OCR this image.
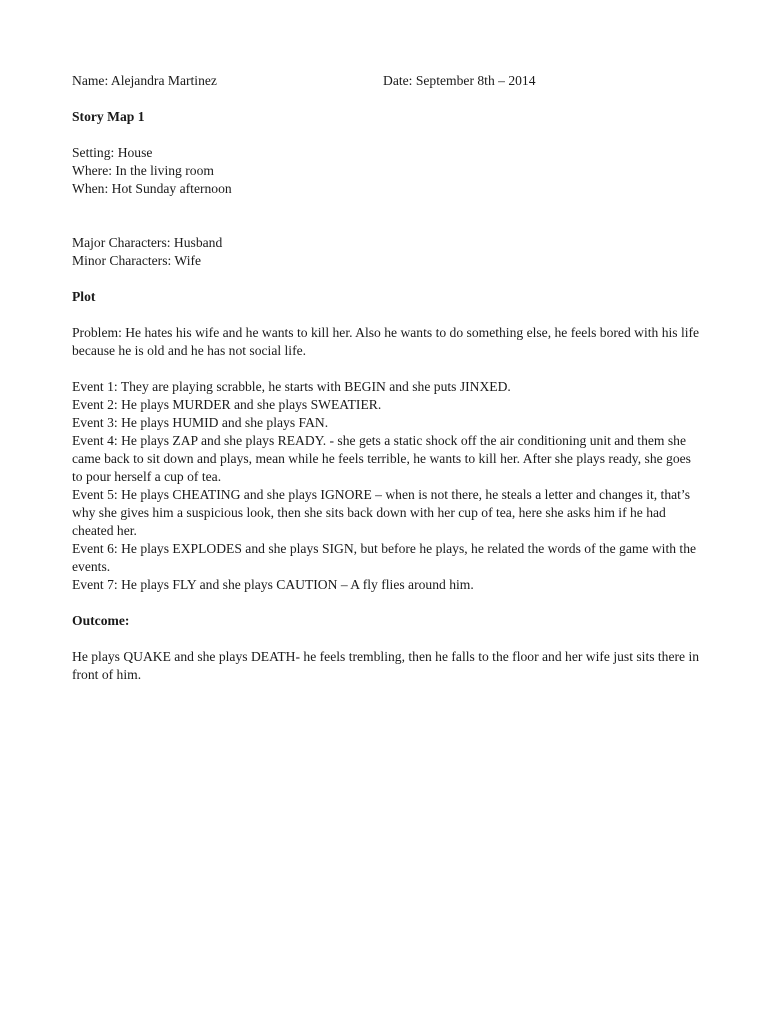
Name: Alejandra Martinez	Date: September 8th – 2014
Story Map 1
Setting: House
Where: In the living room
When: Hot Sunday afternoon
Major Characters: Husband
Minor Characters: Wife
Plot
Problem: He hates his wife and he wants to kill her. Also he wants to do something else, he feels bored with his life because he is old and he has not social life.
Event 1: They are playing scrabble, he starts with BEGIN and she puts JINXED.
Event 2: He plays MURDER and she plays SWEATIER.
Event 3: He plays HUMID and she plays FAN.
Event 4: He plays ZAP and she plays READY. - she gets a static shock off the air conditioning unit and them she came back to sit down and plays, mean while he feels terrible, he wants to kill her. After she plays ready, she goes to pour herself a cup of tea.
Event 5: He plays CHEATING and she plays IGNORE – when is not there, he steals a letter and changes it, that’s why she gives him a suspicious look, then she sits back down with her cup of tea, here she asks him if he had cheated her.
Event 6: He plays EXPLODES and she plays SIGN, but before he plays, he related the words of the game with the events.
Event 7: He plays FLY and she plays CAUTION – A fly flies around him.
Outcome:
He plays QUAKE and she plays DEATH- he feels trembling, then he falls to the floor and her wife just sits there in front of him.
